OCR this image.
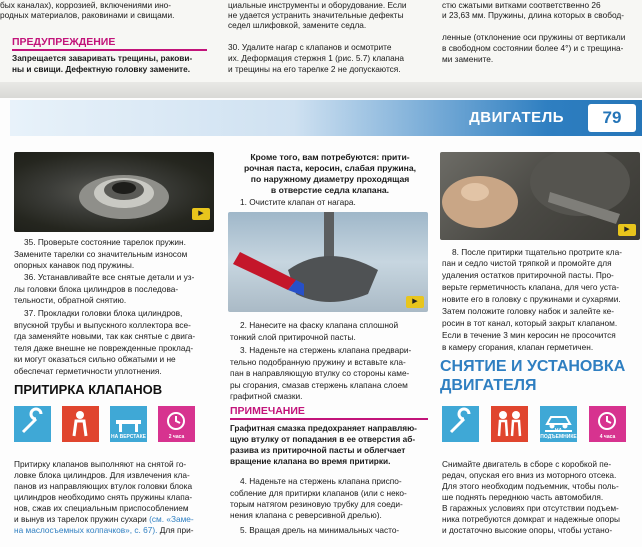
бых каналах), коррозией, включениями ино-

родных материалов, раковинами и свищами.

ПРЕДУПРЕЖДЕНИЕ

Запрещается заваривать трещины, ракови-

ны и свищи. Дефектную головку замените.

циальные инструменты и оборудование. Если

не удается устранить значительные дефекты

седел шлифовкой, замените седла.

30. Удалите нагар с клапанов и осмотрите

их. Деформация стержня 1 (рис. 5.7) клапана

и трещины на его тарелке 2 не допускаются.

стю сжатыми витками соответственно 26

и 23,63 мм. Пружины, длина которых в свобод-

ленные (отклонение оси пружины от вертикали

в свободном состоянии более 4°) и с трещина-

ми замените.

ДВИГАТЕЛЬ	79
▶

35. Проверьте состояние тарелок пружин.

Замените тарелки со значительным износом

опорных канавок под пружины.

36. Устанавливайте все снятые детали и уз-

лы головки блока цилиндров в последова-

тельности, обратной снятию.

37. Прокладки головки блока цилиндров,

впускной трубы и выпускного коллектора все-

гда заменяйте новыми, так как снятые с двига-

теля даже внешне не поврежденные проклад-

ки могут оказаться сильно обжатыми и не

обеспечат герметичности уплотнения.

ПРИТИРКА КЛАПАНОВ
НА ВЕРСТАКЕ	2 часа

Притирку клапанов выполняют на снятой го-

ловке блока цилиндров. Для извлечения кла-

панов из направляющих втулок головки блока

цилиндров необходимо снять пружины клапа-

нов, сжав их специальным приспособлением

и вынув из тарелок пружин сухари (см. «Заме-

на маслосъемных колпачков», с. 67). Для при-

Кроме того, вам потребуются: прити-

рочная паста, керосин, слабая пружина,

по наружному диаметру проходящая

в отверстие седла клапана.

1. Очистите клапан от нагара.

▶

2. Нанесите на фаску клапана сплошной

тонкий слой притирочной пасты.

3. Наденьте на стержень клапана предвари-

тельно подобранную пружину и вставьте кла-

пан в направляющую втулку со стороны каме-

ры сгорания, смазав стержень клапана слоем

графитной смазки.

ПРИМЕЧАНИЕ

Графитная смазка предохраняет направляю-

щую втулку от попадания в ее отверстия аб-

разива из притирочной пасты и облегчает

вращение клапана во время притирки.

4. Наденьте на стержень клапана приспо-

собление для притирки клапанов (или с неко-

торым натягом резиновую трубку для соеди-

нения клапана с реверсивной дрелью).

5. Вращая дрель на минимальных часто-

▶

8. После притирки тщательно протрите кла-

пан и седло чистой тряпкой и промойте для

удаления остатков притирочной пасты. Про-

верьте герметичность клапана, для чего уста-

новите его в головку с пружинами и сухарями.

Затем положите головку набок и залейте ке-

росин в тот канал, который закрыт клапаном.

Если в течение 3 мин керосин не просочится

в камеру сгорания, клапан герметичен.

СНЯТИЕ И УСТАНОВКА
ДВИГАТЕЛЯ
НА ПОДЪЕМНИКЕ	4 часа

Снимайте двигатель в сборе с коробкой пе-

редач, опуская его вниз из моторного отсека.

Для этого необходим подъемник, чтобы поль-

ше поднять переднюю часть автомобиля.

В гаражных условиях при отсутствии подъем-

ника потребуются домкрат и надежные опоры

и достаточно высокие опоры, чтобы устано-
